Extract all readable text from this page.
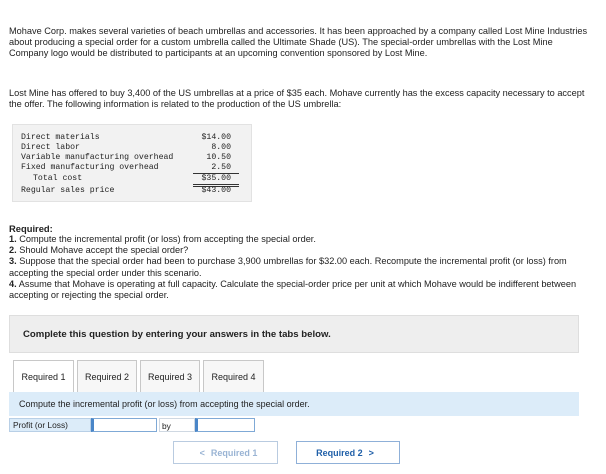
Mohave Corp. makes several varieties of beach umbrellas and accessories. It has been approached by a company called Lost Mine Industries about producing a special order for a custom umbrella called the Ultimate Shade (US). The special-order umbrellas with the Lost Mine Company logo would be distributed to participants at an upcoming convention sponsored by Lost Mine.

Lost Mine has offered to buy 3,400 of the US umbrellas at a price of $35 each. Mohave currently has the excess capacity necessary to accept the offer. The following information is related to the production of the US umbrella:

Direct materials	$14.00
Direct labor	8.00
Variable manufacturing overhead	10.50
Fixed manufacturing overhead	2.50
Total cost	$35.00
Regular sales price	$43.00

Required:

1. Compute the incremental profit (or loss) from accepting the special order.
2. Should Mohave accept the special order?
3. Suppose that the special order had been to purchase 3,900 umbrellas for $32.00 each. Recompute the incremental profit (or loss) from accepting the special order under this scenario.
4. Assume that Mohave is operating at full capacity. Calculate the special-order price per unit at which Mohave would be indifferent between accepting or rejecting the special order.
Complete this question by entering your answers in the tabs below.
Required 1	Required 2	Required 3	Required 4
Compute the incremental profit (or loss) from accepting the special order.
Profit (or Loss)	by
< Required 1	Required 2 >
